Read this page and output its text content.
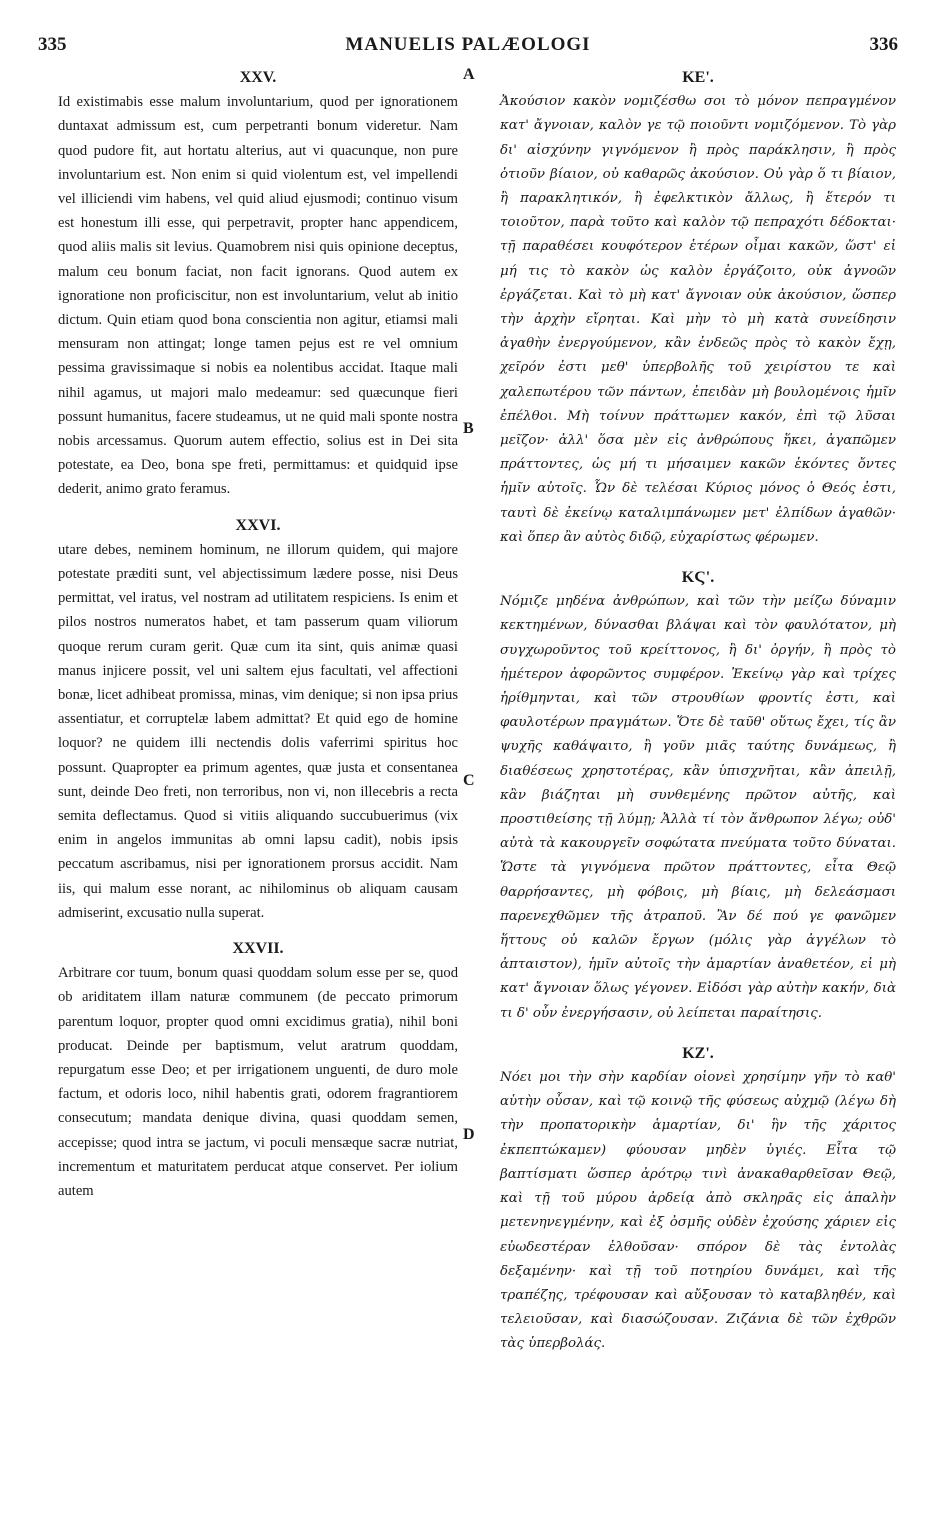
335	MANUELIS PALÆOLOGI	336
A
B
C
D
XXV.

Id existimabis esse malum involuntarium, quod per ignorationem duntaxat admissum est, cum perpetranti bonum videretur. Nam quod pudore fit, aut hortatu alterius, aut vi quacunque, non pure involuntarium est. Non enim si quid violentum est, vel impellendi vel illiciendi vim habens, vel quid aliud ejusmodi; continuo visum est honestum illi esse, qui perpetravit, propter hanc appendicem, quod aliis malis sit levius. Quamobrem nisi quis opinione deceptus, malum ceu bonum faciat, non facit ignorans. Quod autem ex ignoratione non proficiscitur, non est involuntarium, velut ab initio dictum. Quin etiam quod bona conscientia non agitur, etiamsi mali mensuram non attingat; longe tamen pejus est re vel omnium pessima gravissimaque si nobis ea nolentibus accidat. Itaque mali nihil agamus, ut majori malo medeamur: sed quæcunque fieri possunt humanitus, facere studeamus, ut ne quid mali sponte nostra nobis arcessamus. Quorum autem effectio, solius est in Dei sita potestate, ea Deo, bona spe freti, permittamus: et quidquid ipse dederit, animo grato feramus.

XXVI.

utare debes, neminem hominum, ne illorum quidem, qui majore potestate præditi sunt, vel abjectissimum lædere posse, nisi Deus permittat, vel iratus, vel nostram ad utilitatem respiciens. Is enim et pilos nostros numeratos habet, et tam passerum quam viliorum quoque rerum curam gerit. Quæ cum ita sint, quis animæ quasi manus injicere possit, vel uni saltem ejus facultati, vel affectioni bonæ, licet adhibeat promissa, minas, vim denique; si non ipsa prius assentiatur, et corruptelæ labem admittat? Et quid ego de homine loquor? ne quidem illi nectendis dolis vaferrimi spiritus hoc possunt. Quapropter ea primum agentes, quæ justa et consentanea sunt, deinde Deo freti, non terroribus, non vi, non illecebris a recta semita deflectamus. Quod si vitiis aliquando succubuerimus (vix enim in angelos immunitas ab omni lapsu cadit), nobis ipsis peccatum ascribamus, nisi per ignorationem prorsus accidit. Nam iis, qui malum esse norant, ac nihilominus ob aliquam causam admiserint, excusatio nulla superat.

XXVII.

Arbitrare cor tuum, bonum quasi quoddam solum esse per se, quod ob ariditatem illam naturæ communem (de peccato primorum parentum loquor, propter quod omni excidimus gratia), nihil boni producat. Deinde per baptismum, velut aratrum quoddam, repurgatum esse Deo; et per irrigationem unguenti, de duro mole factum, et odoris loco, nihil habentis grati, odorem fragrantiorem consecutum; mandata denique divina, quasi quoddam semen, accepisse; quod intra se jactum, vi poculi mensæque sacræ nutriat, incrementum et maturitatem perducat atque conservet. Per iolium autem

ΚΕ'.

Ἀκούσιον κακὸν νομιζέσθω σοι τὸ μόνον πεπραγμένον κατ' ἄγνοιαν, καλὸν γε τῷ ποιοῦντι νομιζόμενον. Τὸ γὰρ δι' αἰσχύνην γιγνόμενον ἢ πρὸς παράκλησιν, ἢ πρὸς ὁτιοῦν βίαιον, οὐ καθαρῶς ἀκούσιον. Οὐ γὰρ ὅ τι βίαιον, ἢ παρακλητικόν, ἢ ἐφελκτικὸν ἄλλως, ἢ ἕτερόν τι τοιοῦτον, παρὰ τοῦτο καὶ καλὸν τῷ πεπραχότι δέδοκται· τῇ παραθέσει κουφότερον ἑτέρων οἶμαι κακῶν, ὥστ' εἰ μή τις τὸ κακὸν ὡς καλὸν ἐργάζοιτο, οὐκ ἀγνοῶν ἐργάζεται. Καὶ τὸ μὴ κατ' ἄγνοιαν οὐκ ἀκούσιον, ὥσπερ τὴν ἀρχὴν εἴρηται. Καὶ μὴν τὸ μὴ κατὰ συνείδησιν ἀγαθὴν ἐνεργούμενον, κἂν ἐνδεῶς πρὸς τὸ κακὸν ἔχῃ, χεῖρόν ἐστι μεθ' ὑπερβολῆς τοῦ χειρίστου τε καὶ χαλεπωτέρου τῶν πάντων, ἐπειδὰν μὴ βουλομένοις ἡμῖν ἐπέλθοι. Μὴ τοίνυν πράττωμεν κακόν, ἐπὶ τῷ λῦσαι μεῖζον· ἀλλ' ὅσα μὲν εἰς ἀνθρώπους ἥκει, ἀγαπῶμεν πράττοντες, ὡς μή τι μήσαιμεν κακῶν ἑκόντες ὄντες ἡμῖν αὐτοῖς. Ὧν δὲ τελέσαι Κύριος μόνος ὁ Θεός ἐστι, ταυτὶ δὲ ἐκείνῳ καταλιμπάνωμεν μετ' ἐλπίδων ἀγαθῶν· καὶ ὅπερ ἂν αὐτὸς διδῷ, εὐχαρίστως φέρωμεν.

ΚϚ'.

Νόμιζε μηδένα ἀνθρώπων, καὶ τῶν τὴν μείζω δύναμιν κεκτημένων, δύνασθαι βλάψαι καὶ τὸν φαυλότατον, μὴ συγχωροῦντος τοῦ κρείττονος, ἢ δι' ὀργήν, ἢ πρὸς τὸ ἡμέτερον ἀφορῶντος συμφέρον. Ἐκείνῳ γὰρ καὶ τρίχες ἠρίθμηνται, καὶ τῶν στρουθίων φροντίς ἐστι, καὶ φαυλοτέρων πραγμάτων. Ὅτε δὲ ταῦθ' οὕτως ἔχει, τίς ἂν ψυχῆς καθάψαιτο, ἢ γοῦν μιᾶς ταύτης δυνάμεως, ἢ διαθέσεως χρηστοτέρας, κἂν ὑπισχνῆται, κἂν ἀπειλῇ, κἂν βιάζηται μὴ συνθεμένης πρῶτον αὐτῆς, καὶ προστιθείσης τῇ λύμῃ; Ἀλλὰ τί τὸν ἄνθρωπον λέγω; οὐδ' αὐτὰ τὰ κακουργεῖν σοφώτατα πνεύματα τοῦτο δύναται. Ὥστε τὰ γιγνόμενα πρῶτον πράττοντες, εἶτα Θεῷ θαρρήσαντες, μὴ φόβοις, μὴ βίαις, μὴ δελεάσμασι παρενεχθῶμεν τῆς ἀτραποῦ. Ἂν δέ πού γε φανῶμεν ἥττους οὐ καλῶν ἔργων (μόλις γὰρ ἀγγέλων τὸ ἀπταιστον), ἡμῖν αὐτοῖς τὴν ἁμαρτίαν ἀναθετέον, εἰ μὴ κατ' ἄγνοιαν ὅλως γέγονεν. Εἰδόσι γὰρ αὐτὴν κακήν, διὰ τι δ' οὖν ἐνεργήσασιν, οὐ λείπεται παραίτησις.

ΚΖ'.

Νόει μοι τὴν σὴν καρδίαν οἱονεὶ χρησίμην γῆν τὸ καθ' αὑτὴν οὖσαν, καὶ τῷ κοινῷ τῆς φύσεως αὐχμῷ (λέγω δὴ τὴν προπατορικὴν ἁμαρτίαν, δι' ἣν τῆς χάριτος ἐκπεπτώκαμεν) φύουσαν μηδὲν ὑγιές. Εἶτα τῷ βαπτίσματι ὥσπερ ἀρότρῳ τινὶ ἀνακαθαρθεῖσαν Θεῷ, καὶ τῇ τοῦ μύρου ἀρδείᾳ ἀπὸ σκληρᾶς εἰς ἁπαλὴν μετενηνεγμένην, καὶ ἐξ ὀσμῆς οὐδὲν ἐχούσης χάριεν εἰς εὐωδεστέραν ἐλθοῦσαν· σπόρον δὲ τὰς ἐντολὰς δεξαμένην· καὶ τῇ τοῦ ποτηρίου δυνάμει, καὶ τῆς τραπέζης, τρέφουσαν καὶ αὔξουσαν τὸ καταβληθέν, καὶ τελειοῦσαν, καὶ διασώζουσαν. Ζιζάνια δὲ τῶν ἐχθρῶν τὰς ὑπερβολάς.
